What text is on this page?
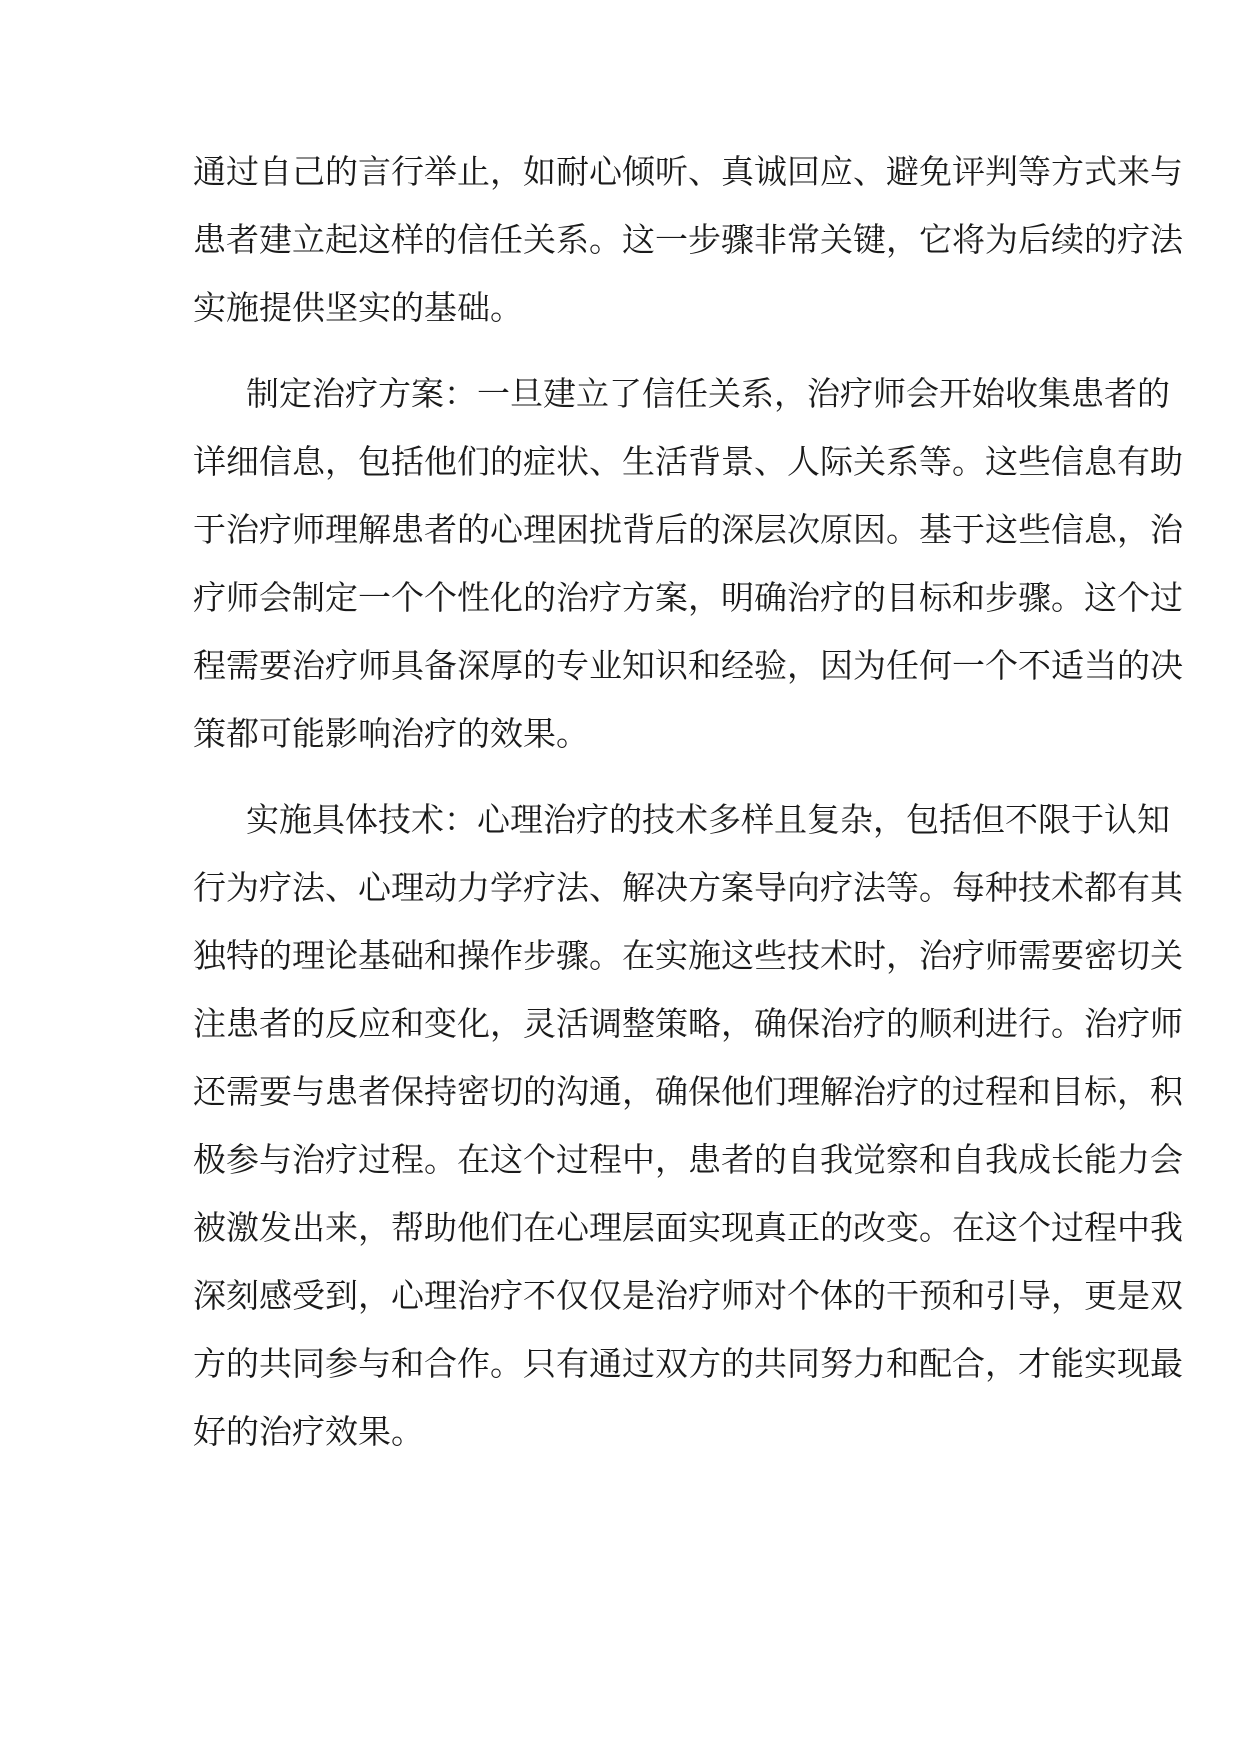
通过自己的言行举止，如耐心倾听、真诚回应、避免评判等方式来与
患者建立起这样的信任关系。这一步骤非常关键，它将为后续的疗法
实施提供坚实的基础。
制定治疗方案：一旦建立了信任关系，治疗师会开始收集患者的
详细信息，包括他们的症状、生活背景、人际关系等。这些信息有助
于治疗师理解患者的心理困扰背后的深层次原因。基于这些信息，治
疗师会制定一个个性化的治疗方案，明确治疗的目标和步骤。这个过
程需要治疗师具备深厚的专业知识和经验，因为任何一个不适当的决
策都可能影响治疗的效果。
实施具体技术：心理治疗的技术多样且复杂，包括但不限于认知
行为疗法、心理动力学疗法、解决方案导向疗法等。每种技术都有其
独特的理论基础和操作步骤。在实施这些技术时，治疗师需要密切关
注患者的反应和变化，灵活调整策略，确保治疗的顺利进行。治疗师
还需要与患者保持密切的沟通，确保他们理解治疗的过程和目标，积
极参与治疗过程。在这个过程中，患者的自我觉察和自我成长能力会
被激发出来，帮助他们在心理层面实现真正的改变。在这个过程中我
深刻感受到，心理治疗不仅仅是治疗师对个体的干预和引导，更是双
方的共同参与和合作。只有通过双方的共同努力和配合，才能实现最
好的治疗效果。
